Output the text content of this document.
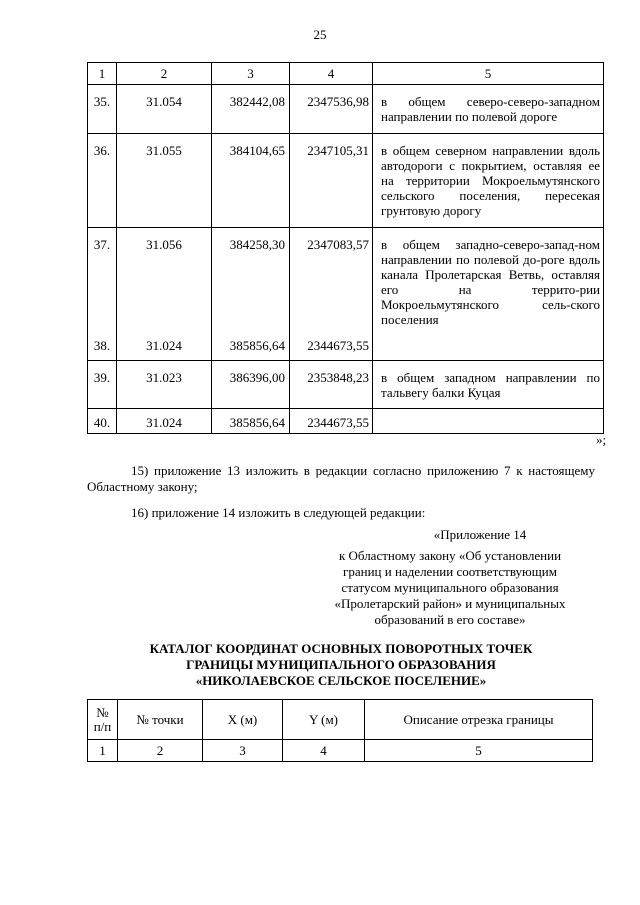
25
1	2	3	4	5
35.	31.054	382442,08	2347536,98	в общем северо-северо-западном направлении по полевой дороге
36.	31.055	384104,65	2347105,31	в общем северном направлении вдоль автодороги с покрытием, оставляя ее на территории Мокроельмутянского сельского поселения, пересекая грунтовую дорогу
37.	31.056	384258,30	2347083,57	в общем западно-северо-запад-ном направлении по полевой до-роге вдоль канала Пролетарская Ветвь, оставляя его на террито-рии Мокроельмутянского сель-ского поселения
38.	31.024	385856,64	2344673,55	
39.	31.023	386396,00	2353848,23	в общем западном направлении по тальвегу балки Куцая
40.	31.024	385856,64	2344673,55	
»;
15) приложение 13 изложить в редакции согласно приложению 7 к настоящему Областному закону;
16) приложение 14 изложить в следующей редакции:
«Приложение 14
к Областному закону «Об установлении
границ и наделении соответствующим
статусом муниципального образования
«Пролетарский район» и муниципальных
образований в его составе»
КАТАЛОГ КООРДИНАТ ОСНОВНЫХ ПОВОРОТНЫХ ТОЧЕК
ГРАНИЦЫ МУНИЦИПАЛЬНОГО ОБРАЗОВАНИЯ
«НИКОЛАЕВСКОЕ СЕЛЬСКОЕ ПОСЕЛЕНИЕ»
№
п/п	№ точки	X (м)	Y (м)	Описание отрезка границы
1	2	3	4	5
